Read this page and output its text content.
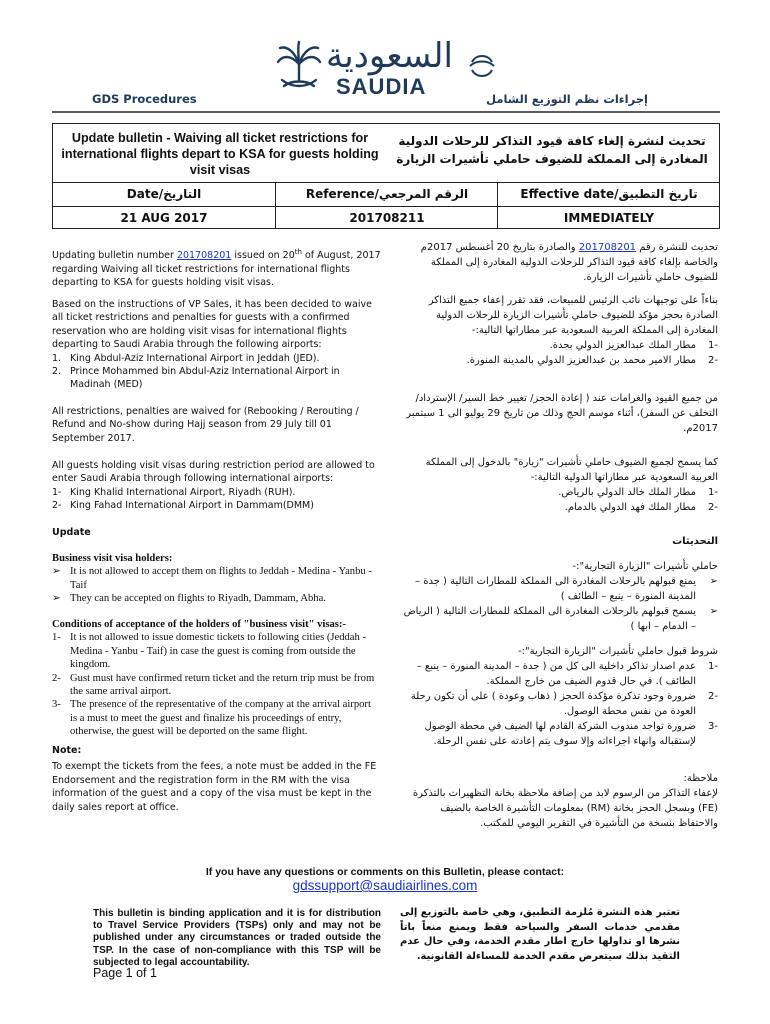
السعودية
SAUDIA
GDS Procedures	إجراءات نظم التوزيع الشامل
Update bulletin - Waiving all ticket restrictions for international flights depart to KSA for guests holding visit visas
تحديث لنشرة إلغاء كافة قيود التذاكر للرحلات الدولية المغادرة إلى المملكة للضيوف حاملي تأشيرات الزيارة
Date/التاريخ	Reference/الرقم المرجعي	Effective date/تاريخ التطبيق
21 AUG 2017	201708211	IMMEDIATELY
Updating bulletin number 201708201 issued on 20th of August, 2017 regarding Waiving all ticket restrictions for international flights departing to KSA for guests holding visit visas.
Based on the instructions of VP Sales, it has been decided to waive all ticket restrictions and penalties for guests with a confirmed reservation who are holding visit visas for international flights departing to Saudi Arabia through the following airports:
1. King Abdul-Aziz International Airport in Jeddah (JED).
2. Prince Mohammed bin Abdul-Aziz International Airport in Madinah (MED)
All restrictions, penalties are waived for (Rebooking / Rerouting / Refund and No-show during Hajj season from 29 July till 01 September 2017.
All guests holding visit visas during restriction period are allowed to enter Saudi Arabia through following international airports:
1- King Khalid International Airport, Riyadh (RUH).
2- King Fahad International Airport in Dammam(DMM)
Update
Business visit visa holders:
➢ It is not allowed to accept them on flights to Jeddah - Medina - Yanbu - Taif
➢ They can be accepted on flights to Riyadh, Dammam, Abha.
Conditions of acceptance of the holders of "business visit" visas:-
1- It is not allowed to issue domestic tickets to following cities (Jeddah - Medina - Yanbu - Taif) in case the guest is coming from outside the kingdom.
2- Gust must have confirmed return ticket and the return trip must be from the same arrival airport.
3- The presence of the representative of the company at the arrival airport is a must to meet the guest and finalize his proceedings of entry, otherwise, the guest will be deported on the same flight.
Note:
To exempt the tickets from the fees, a note must be added in the FE Endorsement and the registration form in the RM with the visa information of the guest and a copy of the visa must be kept in the daily sales report at office.
تحديث للنشرة رقم 201708201 والصادرة بتاريخ 20 أغسطس 2017م والخاصة بإلغاء كافة قيود التذاكر للرحلات الدولية المغادرة إلى المملكة للضيوف حاملي تأشيرات الزيارة.
بناءاً على توجيهات نائب الرئيس للمبيعات، فقد تقرر إعفاء جميع التذاكر الصادرة بحجز مؤكد للضيوف حاملي تأشيرات الزيارة للرحلات الدولية المغادرة إلى المملكة العربية السعودية عبر مطاراتها التالية:-
-1
مطار الملك عبدالعزيز الدولي بجدة.
-2
مطار الامير محمد بن عبدالعزيز الدولي بالمدينة المنورة.
من جميع القيود والغرامات عند ( إعادة الحجز/ تغيير خط السير/ الإسترداد/ التخلف عن السفر)، أثناء موسم الحج وذلك من تاريخ 29 يوليو الى 1 سبتمبر 2017م.
كما يسمح لجميع الضيوف حاملي تأشيرات "زيارة" بالدخول إلى المملكة العربية السعودية عبر مطاراتها الدولية التالية:-
-1
مطار الملك خالد الدولي بالرياض.
-2
مطار الملك فهد الدولي بالدمام.
التحديثات
حاملي تأشيرات "الزيارة التجارية":-
➢
يمنع قبولهم بالرحلات المغادرة الى المملكة للمطارات التالية ( جدة – المدينة المنورة – ينبع – الطائف )
➢
يسمح قبولهم بالرحلات المغادرة الى المملكة للمطارات التالية ( الرياض – الدمام – ابها )
شروط قبول حاملي تأشيرات "الزيارة التجارية":-
-1
عدم اصدار تذاكر داخلية الى كل من ( جدة – المدينة المنورة – ينبع – الطائف ). في حال قدوم الضيف من خارج المملكة.
-2
ضرورة وجود تذكرة مؤكدة الحجز ( ذهاب وعودة ) على أن تكون رحلة العودة من نفس محطة الوصول.
-3
ضرورة تواجد مندوب الشركة القادم لها الضيف في محطة الوصول لإستقباله وانهاء اجراءاته وإلا سوف يتم إعادته على نفس الرحلة.
ملاحظة:
لإعفاء التذاكر من الرسوم لابد من إضافة ملاحظة بخانة التظهيرات بالتذكرة (FE) وبسجل الحجز بخانة (RM) بمعلومات التأشيرة الخاصة بالضيف والاحتفاظ بنسخة من التأشيرة في التقرير اليومي للمكتب.
If you have any questions or comments on this Bulletin, please contact:
gdssupport@saudiairlines.com
This bulletin is binding application and it is for distribution to Travel Service Providers (TSPs) only and may not be published under any circumstances or traded outside the TSP. In the case of non-compliance with this TSP will be subjected to legal accountability.
تعتبر هذه النشرة مُلزمة التطبيق، وهي خاصة بالتوزيع إلى مقدمي خدمات السفر والسياحة فقط ويمنع منعاً باتاً نشرها او تداولها خارج اطار مقدم الخدمة، وفي حال عدم التقيد بذلك سيتعرض مقدم الخدمة للمساءلة القانونية.
Page 1 of 1
